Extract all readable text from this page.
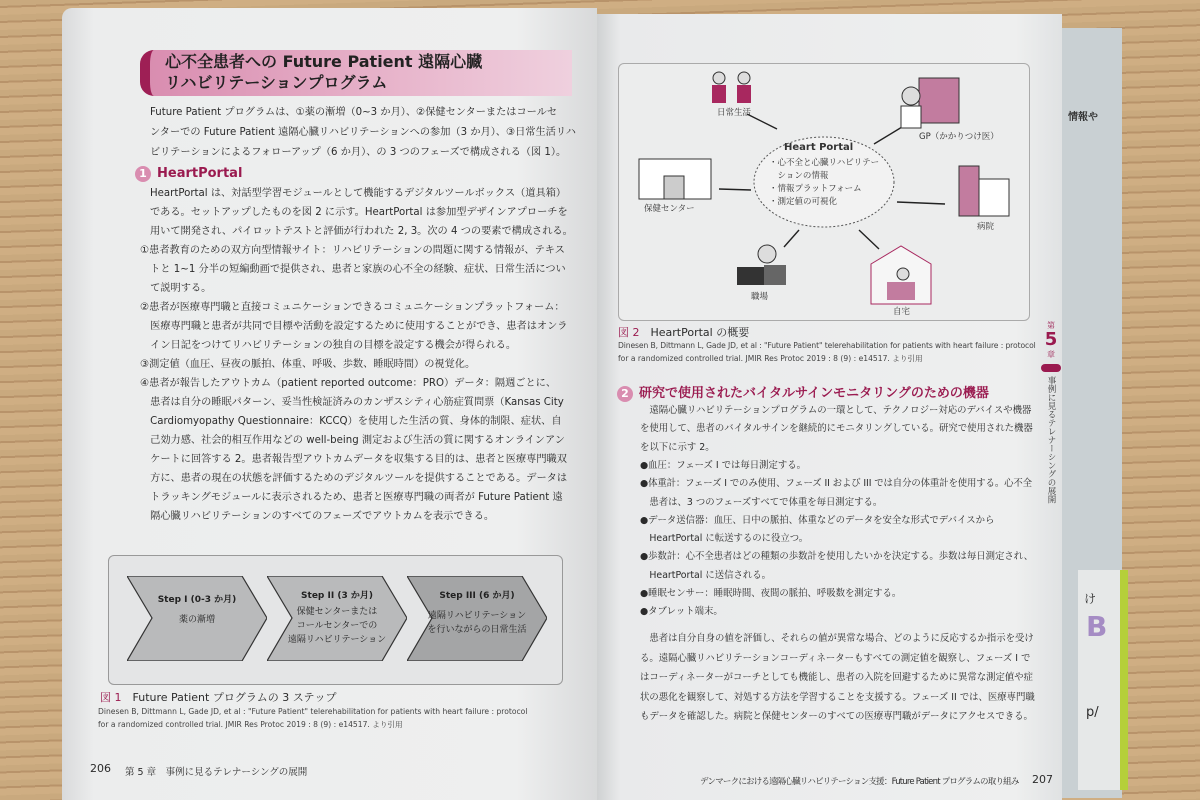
情報や
け
B
p/
心不全患者への Future Patient 遠隔心臓
リハビリテーションプログラム
Future Patient プログラムは、①薬の漸増（0~3 か月）、②保健センターまたはコールセ
ンターでの Future Patient 遠隔心臓リハビリテーションへの参加（3 か月）、③日常生活リハ
ビリテーションによるフォローアップ（6 か月）、の 3 つのフェーズで構成される（図 1）。
1 HeartPortal
HeartPortal は、対話型学習モジュールとして機能するデジタルツールボックス（道具箱）
である。セットアップしたものを図 2 に示す。HeartPortal は参加型デザインアプローチを
用いて開発され、パイロットテストと評価が行われた 2, 3。次の 4 つの要素で構成される。
①患者教育のための双方向型情報サイト：リハビリテーションの問題に関する情報が、テキス
　トと 1~1 分半の短編動画で提供され、患者と家族の心不全の経験、症状、日常生活につい
　て説明する。
②患者が医療専門職と直接コミュニケーションできるコミュニケーションプラットフォーム：
　医療専門職と患者が共同で目標や活動を設定するために使用することができ、患者はオンラ
　イン日記をつけてリハビリテーションの独自の目標を設定する機会が得られる。
③測定値（血圧、昼夜の脈拍、体重、呼吸、歩数、睡眠時間）の視覚化。
④患者が報告したアウトカム（patient reported outcome：PRO）データ：隔週ごとに、
　患者は自分の睡眠パターン、妥当性検証済みのカンザスシティ心筋症質問票（Kansas City
　Cardiomyopathy Questionnaire：KCCQ）を使用した生活の質、身体的制限、症状、自
　己効力感、社会的相互作用などの well-being 測定および生活の質に関するオンラインアン
　ケートに回答する 2。患者報告型アウトカムデータを収集する目的は、患者と医療専門職双
　方に、患者の現在の状態を評価するためのデジタルツールを提供することである。データは
　トラッキングモジュールに表示されるため、患者と医療専門職の両者が Future Patient 遠
　隔心臓リハビリテーションのすべてのフェーズでアウトカムを表示できる。
Step I (0-3 か月)
薬の漸増
Step II (3 か月)
保健センターまたは
コールセンターでの
遠隔リハビリテーション
Step III (6 か月)
遠隔リハビリテーション
を行いながらの日常生活
図 1　 Future Patient プログラムの 3 ステップ
Dinesen B, Dittmann L, Gade JD, et al : "Future Patient" telerehabilitation for patients with heart failure : protocol
for a randomized controlled trial. JMIR Res Protoc 2019 : 8 (9) : e14517. より引用
206 第 5 章　事例に見るテレナーシングの展開
Heart Portal
・心不全と心臓リハビリテー
　ションの情報
・情報プラットフォーム
・測定値の可視化
日常生活
GP（かかりつけ医）
保健センター
病院
職場
自宅
図 2　 HeartPortal の概要
Dinesen B, Dittmann L, Gade JD, et al : "Future Patient" telerehabilitation for patients with heart failure : protocol
for a randomized controlled trial. JMIR Res Protoc 2019 : 8 (9) : e14517. より引用
2 研究で使用されたバイタルサインモニタリングのための機器
　遠隔心臓リハビリテーションプログラムの一環として、テクノロジー対応のデバイスや機器
を使用して、患者のバイタルサインを継続的にモニタリングしている。研究で使用された機器
を以下に示す 2。
●血圧：フェーズ I では毎日測定する。
●体重計：フェーズ I でのみ使用、フェーズ II および III では自分の体重計を使用する。心不全
　患者は、3 つのフェーズすべてで体重を毎日測定する。
●データ送信器：血圧、日中の脈拍、体重などのデータを安全な形式でデバイスから
　HeartPortal に転送するのに役立つ。
●歩数計：心不全患者はどの種類の歩数計を使用したいかを決定する。歩数は毎日測定され、
　HeartPortal に送信される。
●睡眠センサー：睡眠時間、夜間の脈拍、呼吸数を測定する。
●タブレット端末。
　患者は自分自身の値を評価し、それらの値が異常な場合、どのように反応するか指示を受け
る。遠隔心臓リハビリテーションコーディネーターもすべての測定値を観察し、フェーズ I で
はコーディネーターがコーチとしても機能し、患者の入院を回避するために異常な測定値や症
状の悪化を観察して、対処する方法を学習することを支援する。フェーズ II では、医療専門職
もデータを確認した。病院と保健センターのすべての医療専門職がデータにアクセスできる。
第
5
章
事例に見るテレナーシングの展開
デンマークにおける遠隔心臓リハビリテーション支援：Future Patient プログラムの取り組み 207
